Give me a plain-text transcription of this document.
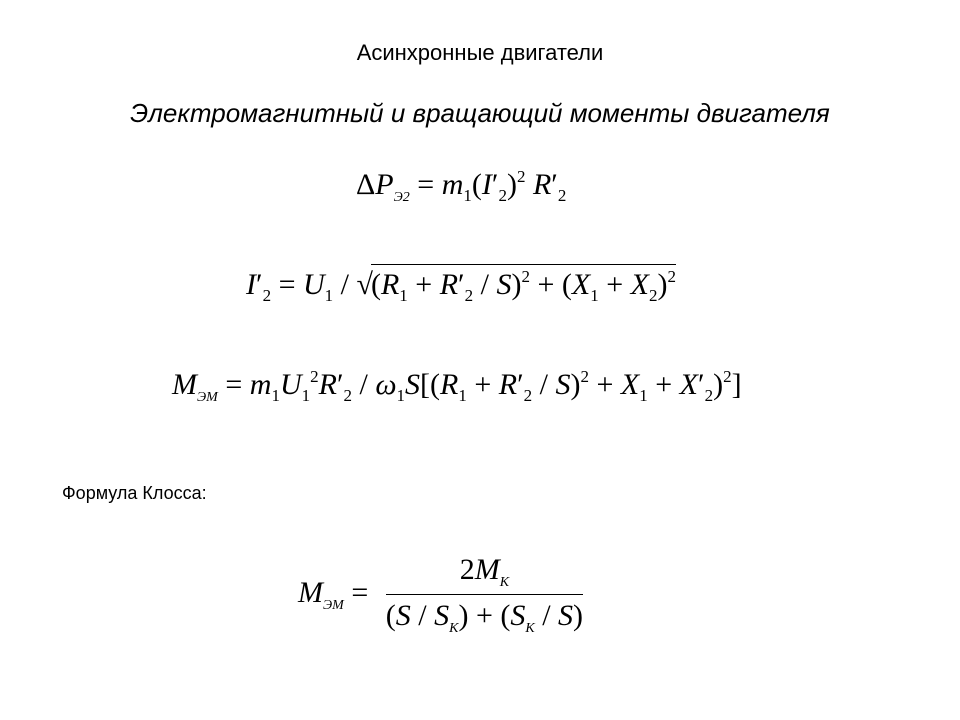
Асинхронные двигатели
Электромагнитный и вращающий моменты двигателя
$\Delta P_{Э2} = m_1(I'_2)^2$ $R'_2$
$I'_2 = U_1 / √(R_1 + R'_2 / S)^2 + (X_1 + X_2)^2$
$M_{ЭМ} = m_1U_1^2R'_2 / \omega_1S[(R_1 + R'_2 / S)^2 + X_1 + X'_2)^2$]
Формула Клосса:
$M_{ЭМ} = \frac{2M_K}{(S / S_K) + (S_K / S)}$
